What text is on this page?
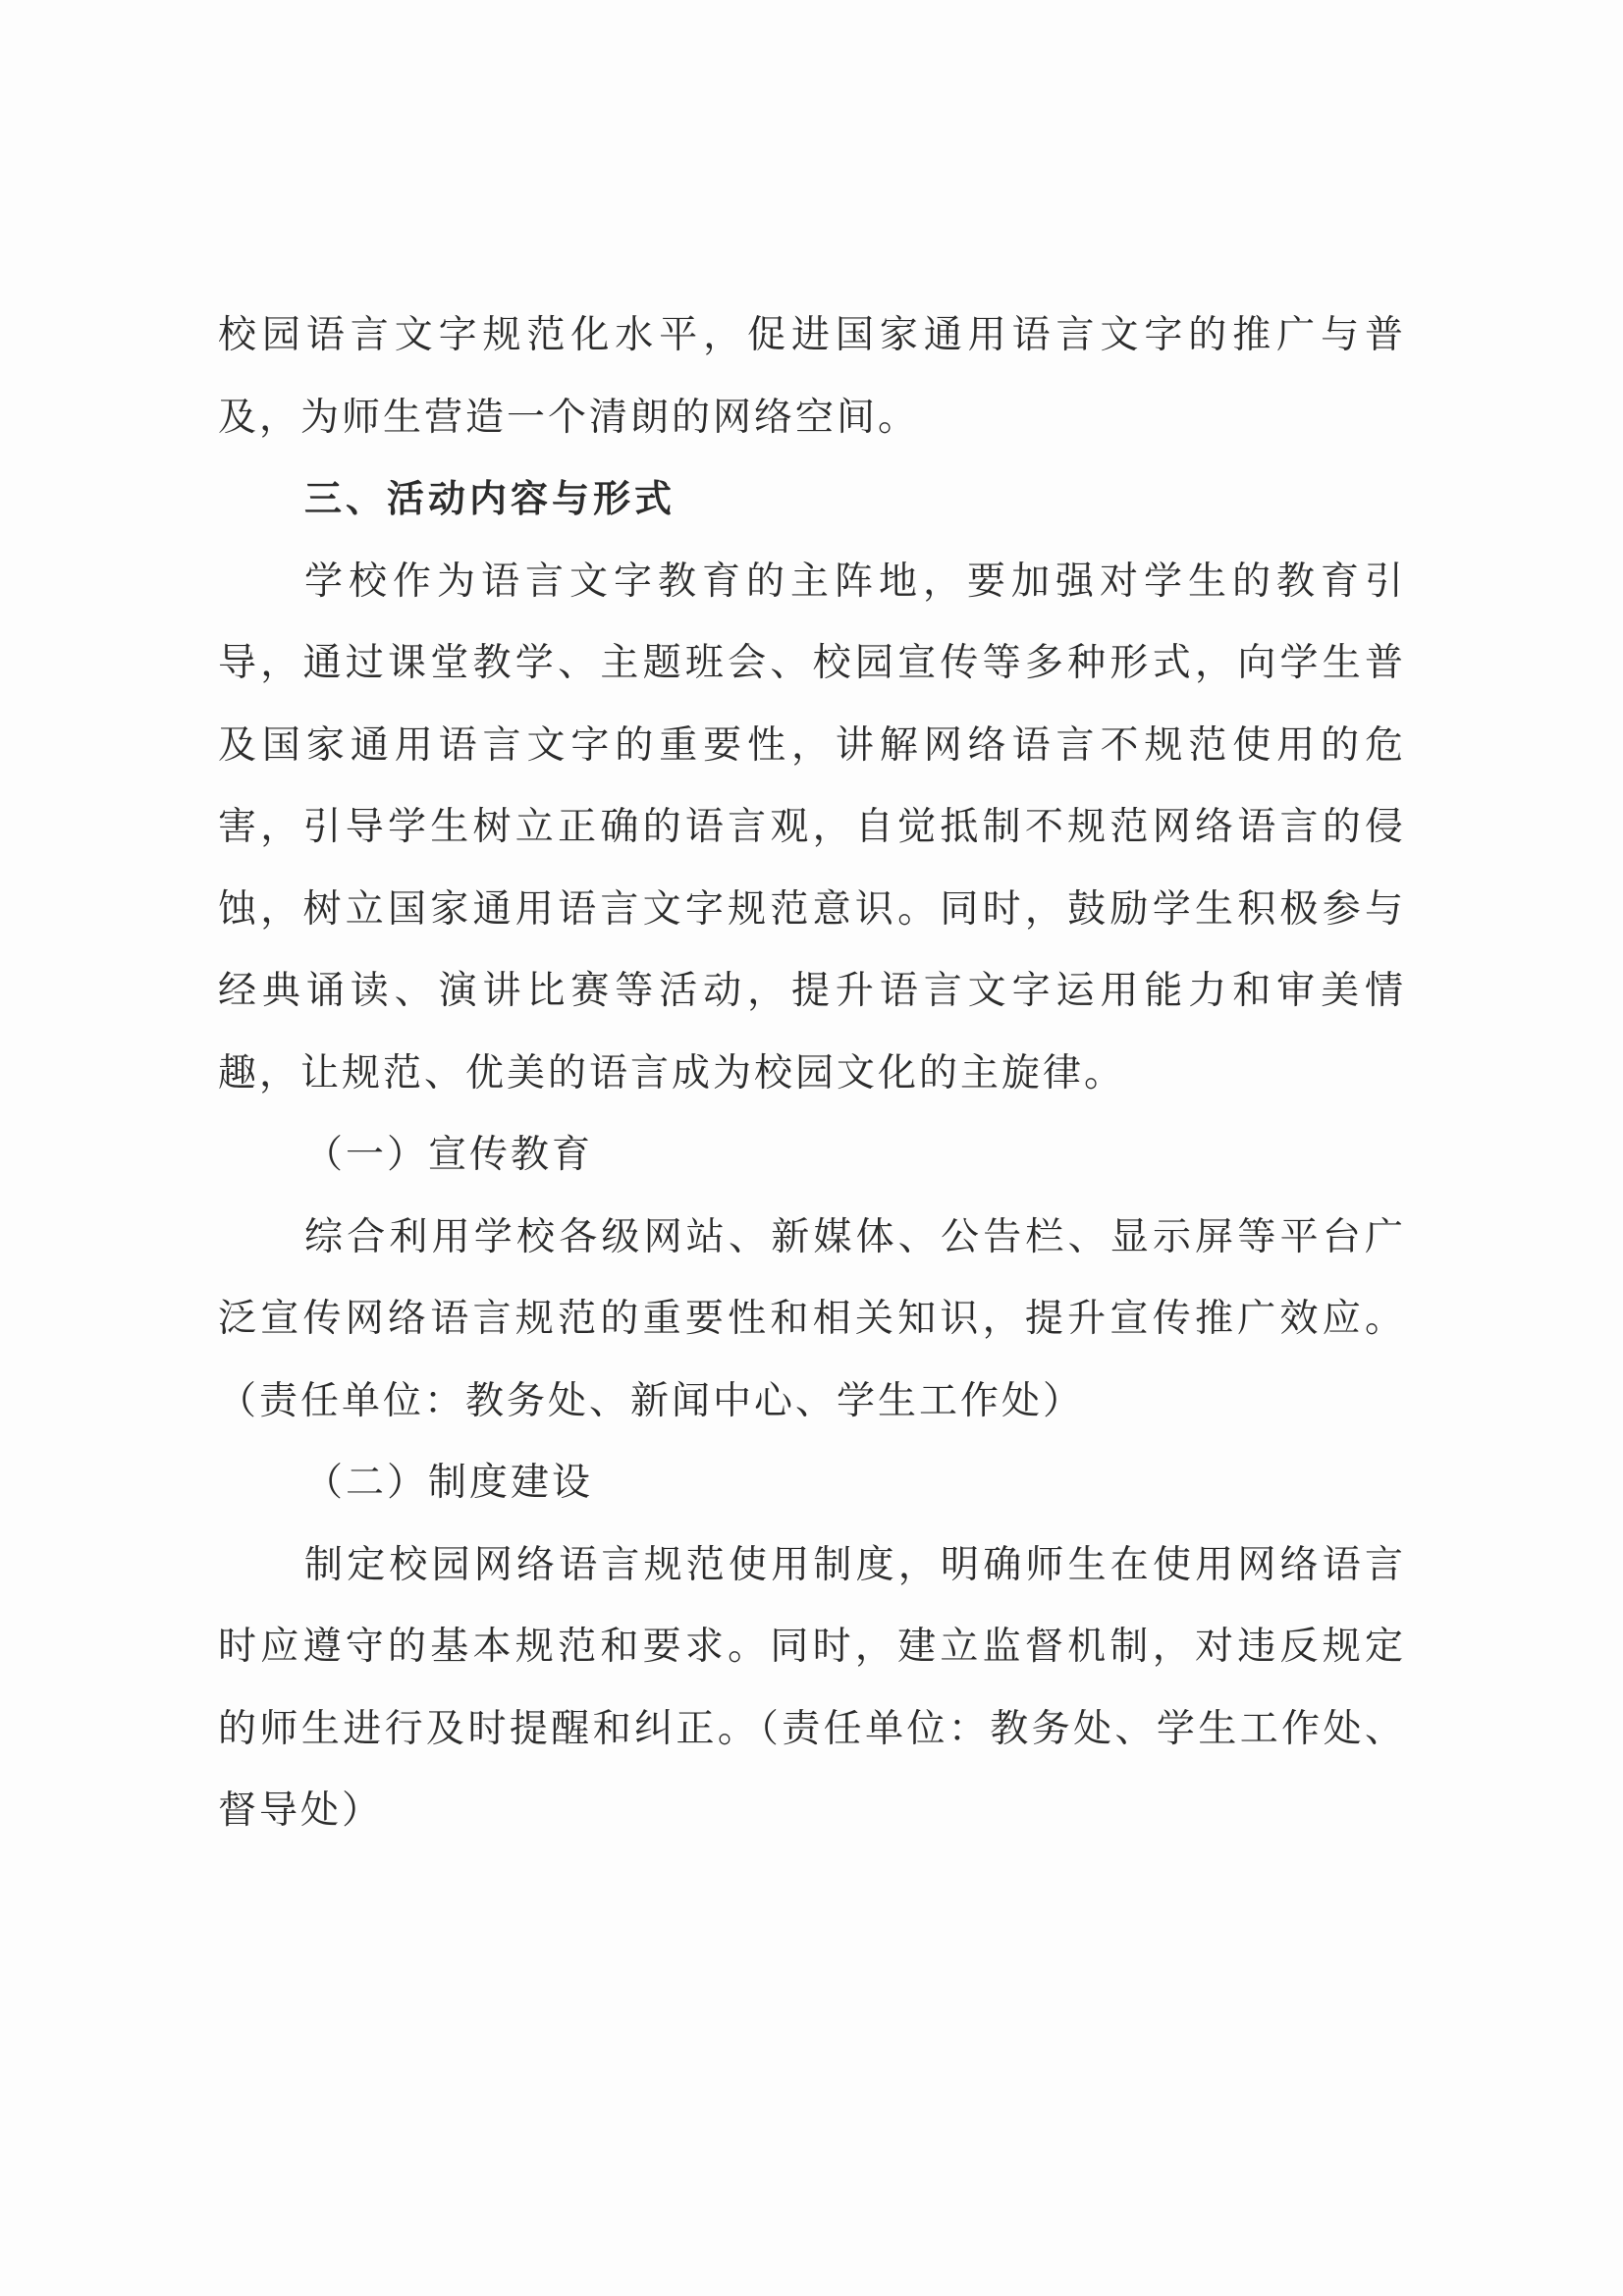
校园语言文字规范化水平，促进国家通用语言文字的推广与普及，为师生营造一个清朗的网络空间。

三、活动内容与形式

学校作为语言文字教育的主阵地，要加强对学生的教育引导，通过课堂教学、主题班会、校园宣传等多种形式，向学生普及国家通用语言文字的重要性，讲解网络语言不规范使用的危害，引导学生树立正确的语言观，自觉抵制不规范网络语言的侵蚀，树立国家通用语言文字规范意识。同时，鼓励学生积极参与经典诵读、演讲比赛等活动，提升语言文字运用能力和审美情趣，让规范、优美的语言成为校园文化的主旋律。

（一）宣传教育

综合利用学校各级网站、新媒体、公告栏、显示屏等平台广泛宣传网络语言规范的重要性和相关知识，提升宣传推广效应。（责任单位：教务处、新闻中心、学生工作处）

（二）制度建设

制定校园网络语言规范使用制度，明确师生在使用网络语言时应遵守的基本规范和要求。同时，建立监督机制，对违反规定的师生进行及时提醒和纠正。（责任单位：教务处、学生工作处、督导处）
